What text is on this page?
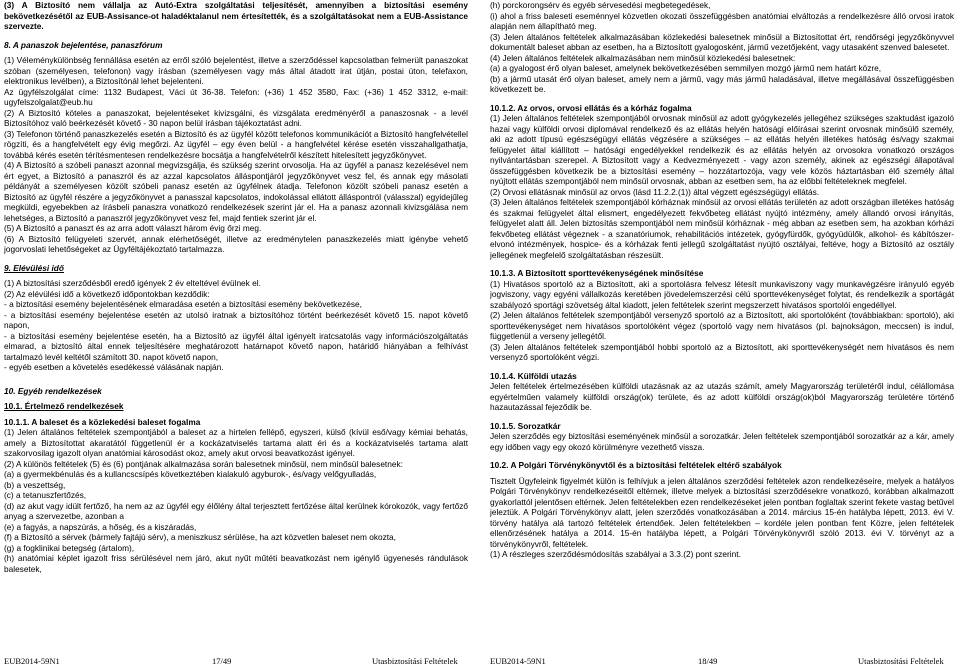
(3) A Biztosító nem vállalja az Autó-Extra szolgáltatási teljesítését, amennyiben a biztosítási esemény bekövetkezésétől az EUB-Assisance-ot haladéktalanul nem értesítették, és a szolgáltatásokat nem a EUB-Assistance szervezte.

8. A panaszok bejelentése, panaszfórum

(1) Véleménykülönbség fennállása esetén az erről szóló bejelentést, illetve a szerződéssel kapcsolatban felmerült panaszokat szóban (személyesen, telefonon) vagy írásban (személyesen vagy más által átadott irat útján, postai úton, telefaxon, elektronikus levélben), a Biztosítónál lehet bejelenteni.

Az ügyfélszolgálat címe: 1132 Budapest, Váci út 36-38. Telefon: (+36) 1 452 3580, Fax: (+36) 1 452 3312, e-mail: ugyfelszolgalat@eub.hu

(2) A Biztosító köteles a panaszokat, bejelentéseket kivizsgálni, és vizsgálata eredményéről a panaszosnak - a levél Biztosítóhoz való beérkezését követő - 30 napon belül írásban tájékoztatást adni.

(3) Telefonon történő panaszkezelés esetén a Biztosító és az ügyfél között telefonos kommunikációt a Biztosító hangfelvétellel rögzíti, és a hangfelvételt egy évig megőrzi. Az ügyfél – egy éven belül - a hangfelvétel kérése esetén visszahallgathatja, továbbá kérés esetén térítésmentesen rendelkezésre bocsátja a hangfelvételről készített hitelesített jegyzőkönyvet.

(4) A Biztosító a szóbeli panaszt azonnal megvizsgálja, és szükség szerint orvosolja. Ha az ügyfél a panasz kezelésével nem ért egyet, a Biztosító a panaszról és az azzal kapcsolatos álláspontjáról jegyzőkönyvet vesz fel, és annak egy másolati példányát a személyesen közölt szóbeli panasz esetén az ügyfélnek átadja. Telefonon közölt szóbeli panasz esetén a Biztosító az ügyfél részére a jegyzőkönyvet a panasszal kapcsolatos, indokolással ellátott álláspontról (válasszal) egyidejűleg megküldi, egyebekben az írásbeli panaszra vonatkozó rendelkezések szerint jár el. Ha a panasz azonnali kivizsgálása nem lehetséges, a Biztosító a panaszról jegyzőkönyvet vesz fel, majd fentiek szerint jár el.

(5) A Biztosító a panaszt és az arra adott választ három évig őrzi meg.

(6) A Biztosító felügyeleti szervét, annak elérhetőségét, illetve az eredménytelen panaszkezelés miatt igénybe vehető jogorvoslati lehetőségeket az Ügyféltájékoztató tartalmazza.

9. Elévülési idő

(1) A biztosítási szerződésből eredő igények 2 év elteltével évülnek el.

(2) Az elévülési idő a következő időpontokban kezdődik:

- a biztosítási esemény bejelentésének elmaradása esetén a biztosítási esemény bekövetkezése,

- a biztosítási esemény bejelentése esetén az utolsó iratnak a biztosítóhoz történt beérkezését követő 15. napot követő napon,

- a biztosítási esemény bejelentése esetén, ha a Biztosító az ügyfél által igényelt iratcsatolás vagy információszolgáltatás elmarad, a biztosító által ennek teljesítésére meghatározott határnapot követő napon, határidő hiányában a felhívást tartalmazó levél keltétől számított 30. napot követő napon,

- egyéb esetben a követelés esedékessé válásának napján.

10. Egyéb rendelkezések

10.1. Értelmező rendelkezések

10.1.1. A baleset és a közlekedési baleset fogalma

(1) Jelen általános feltételek szempontjából a baleset az a hirtelen fellépő, egyszeri, külső (kívül eső/vagy kémiai behatás, amely a Biztosítottat akaratától függetlenül ér a kockázatviselés tartama alatt éri és a kockázatviselés tartama alatt szakorvosilag igazolt olyan anatómiai károsodást okoz, amely akut orvosi beavatkozást igényel.

(2) A különös feltételek (5) és (6) pontjának alkalmazása során balesetnek minősül, nem minősül balesetnek:

(a) a gyermekbénulás és a kullancscsípés következtében kialakuló agyburok-, és/vagy velőgyulladás,

(b) a veszettség,

(c) a tetanuszfertőzés,

(d) az akut vagy idült fertőző, ha nem az az ügyfél egy élőlény által terjesztett fertőzése által kerülnek kórokozók, vagy fertőző anyag a szervezetbe, azonban a

(e) a fagyás, a napszúrás, a hőség, és a kiszáradás,

(f) a Biztosító a sérvek (bármely fajtájú sérv), a meniszkusz sérülése, ha azt közvetlen baleset nem okozta,

(g) a fogklinikai betegség (ártalom),

(h) anatómiai képlet igazolt friss sérülésével nem járó, akut nyűt műtéti beavatkozást nem igénylő ügyenesés rándulások balesetek,

(h) porckorongsérv és egyéb sérvesedési megbetegedések,

(i) ahol a friss baleseti eseménnyel közvetlen okozati összefüggésben anatómiai elváltozás a rendelkezésre álló orvosi iratok alapján nem állapítható meg.

(3) Jelen általános feltételek alkalmazásában közlekedési balesetnek minősül a Biztosítottat ért, rendőrségi jegyzőkönyvvel dokumentált baleset abban az esetben, ha a Biztosított gyalogosként, jármű vezetőjeként, vagy utasaként szenved balesetet.

(4) Jelen általános feltételek alkalmazásában nem minősül közlekedési balesetnek:

(a) a gyalogost érő olyan baleset, amelynek bekövetkezésében semmilyen mozgó jármű nem határt közre,

(b) a jármű utasát érő olyan baleset, amely nem a jármű, vagy más jármű haladásával, illetve megállásával összefüggésben következett be.

10.1.2. Az orvos, orvosi ellátás és a kórház fogalma

(1) Jelen általános feltételek szempontjából orvosnak minősül az adott gyógykezelés jellegéhez szükséges szaktudást igazoló hazai vagy külföldi orvosi diplomával rendelkező és az ellátás helyén hatósági előírásai szerint orvosnak minősülő személy, aki az adott típusú egészségügyi ellátás végzésére a szükséges – az ellátás helyén illetékes hatóság és/vagy szakmai felügyelet által kiállított – hatósági engedélyekkel rendelkezik és az ellátás helyén az orvosokra vonatkozó országos nyilvántartásban szerepel. A Biztosított vagy a Kedvezményezett - vagy azon személy, akinek az egészségi állapotával összefüggésben következik be a biztosítási esemény – hozzátartozója, vagy vele közös háztartásban élő személy által nyújtott ellátás szempontjából nem minősül orvosnak, abban az esetben sem, ha az előbbi feltételeknek megfelel.

(2) Orvosi ellátásnak minősül az orvos (lásd 11.2.2.(1)) által végzett egészségügyi ellátás.

(3) Jelen általános feltételek szempontjából kórháznak minősül az orvosi ellátás területén az adott országban illetékes hatóság és szakmai felügyelet által elismert, engedélyezett fekvőbeteg ellátást nyújtó intézmény, amely állandó orvosi irányítás, felügyelet alatt áll. Jelen biztosítás szempontjából nem minősül kórháznak - még abban az esetben sem, ha azokban kórházi fekvőbeteg ellátást végeznek - a szanatóriumok, rehabilitációs intézetek, gyógyfürdők, gyógyüdülők, alkohol- és kábítószer-elvonó intézmények, hospice- és a kórházak fenti jellegű szolgáltatást nyújtó osztályai, feltéve, hogy a Biztosító az osztály jellegének megfelelő szolgáltatásban részesült.

10.1.3. A Biztosított sporttevékenységének minősítése

(1) Hivatásos sportoló az a Biztosított, aki a sportolásra felvesz létesít munkaviszony vagy munkavégzésre irányuló egyéb jogviszony, vagy egyéni vállalkozás keretében jövedelemszerzési célú sporttevékenységet folytat, és rendelkezik a sportágát szabályozó sportági szövetség által kiadott, jelen feltételek szerint megszerzett hivatásos sportolói engedéllyel.

(2) Jelen általános feltételek szempontjából versenyző sportoló az a Biztosított, aki sportolóként (továbbiakban: sportoló), aki sporttevékenységet nem hivatásos sportolóként végez (sportoló vagy nem hivatásos (pl. bajnokságon, meccsen) is indul, függetlenül a verseny jellegétől.

(3) Jelen általános feltételek szempontjából hobbi sportoló az a Biztosított, aki sporttevékenységét nem hivatásos és nem versenyző sportolóként végzi.

10.1.4. Külföldi utazás

Jelen feltételek értelmezésében külföldi utazásnak az az utazás számít, amely Magyarország területéről indul, célállomása egyértelműen valamely külföldi ország(ok) területe, és az adott külföldi ország(ok)ból Magyarország területére történő hazautazással fejeződik be.

10.1.5. Sorozatkár

Jelen szerződés egy biztosítási eseményének minősül a sorozatkár. Jelen feltételek szempontjából sorozatkár az a kár, amely egy időben vagy egy okozó körülményre vezethető vissza.

10.2. A Polgári Törvénykönyvtől és a biztosítási feltételek eltérő szabályok

Tisztelt Ügyfeleink figyelmét külön is felhívjuk a jelen általános szerződési feltételek azon rendelkezéseire, melyek a hatályos Polgári Törvénykönyv rendelkezéseitől eltérnek, illetve melyek a biztosítási szerződésekre vonatkozó, korábban alkalmazott gyakorlattól jelentősen eltérnek. Jelen feltételekben ezen rendelkezéseket jelen pontban foglaltak szerint fekete vastag betűvel jeleztük. A Polgári Törvénykönyv alatt, jelen szerződés vonatkozásában a 2014. március 15-én hatályba lépett, 2013. évi V. törvény hatálya alá tartozó feltételek értendőek. Jelen feltételekben – kordéle jelen pontban fent Közre, jelen feltételek ellenőrzésének hatálya a 2014. 15-én hatályba lépett, a Polgári Törvénykönyvről szóló 2013. évi V. törvényt az a törvénykönyvről, feltételek.

(1) A részleges szerződésmódosítás szabályai a 3.3.(2) pont szerint.

EUB2014-59N1	17/49	Utasbiztosítási Feltételek	EUB2014-59N1	18/49	Utasbiztosítási Feltételek
